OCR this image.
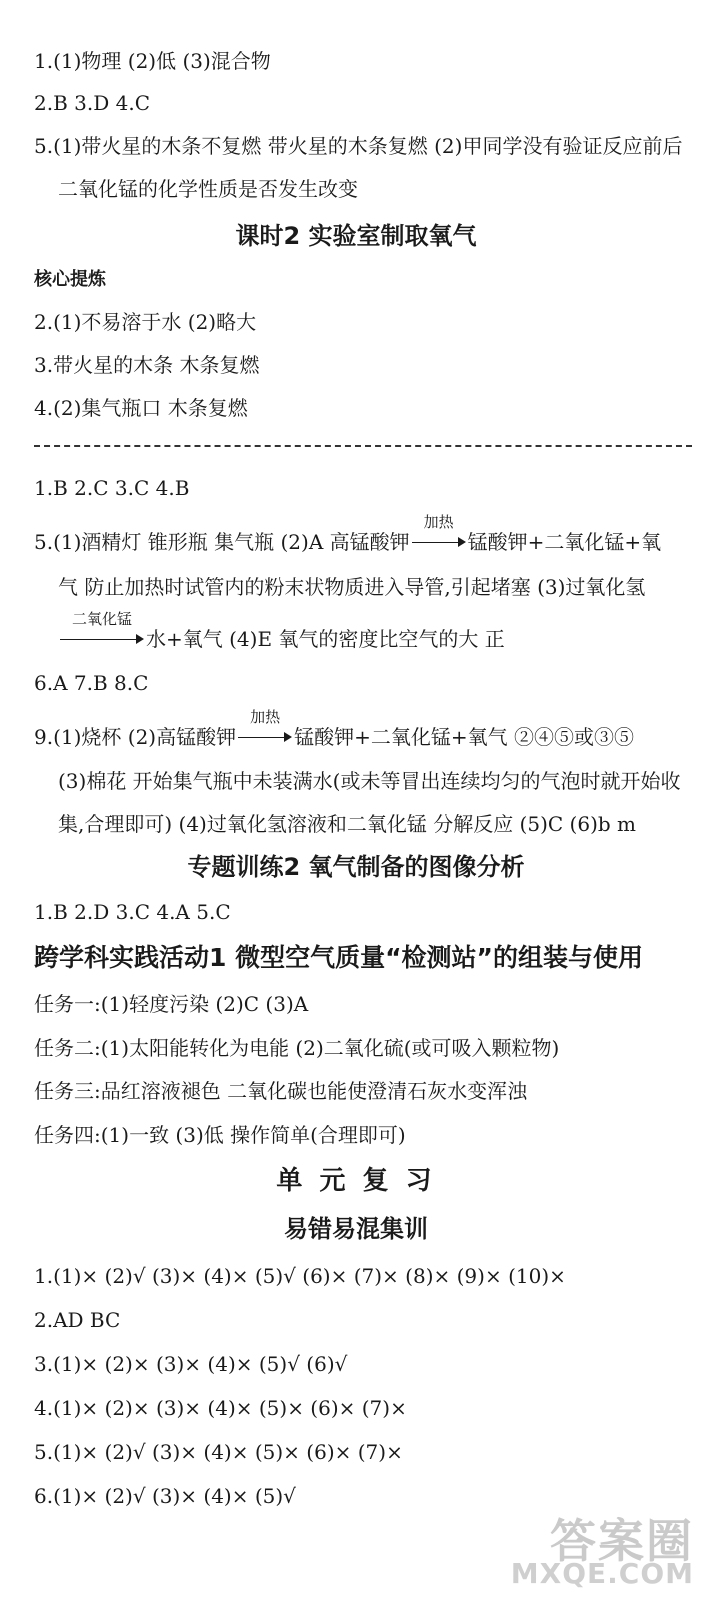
1.(1)物理 (2)低 (3)混合物
2.B 3.D 4.C
5.(1)带火星的木条不复燃 带火星的木条复燃 (2)甲同学没有验证反应前后
二氧化锰的化学性质是否发生改变
课时2 实验室制取氧气
核心提炼
2.(1)不易溶于水 (2)略大
3.带火星的木条 木条复燃
4.(2)集气瓶口 木条复燃
1.B 2.C 3.C 4.B
5.(1)酒精灯 锥形瓶 集气瓶 (2)A 高锰酸钾
加热
锰酸钾+二氧化锰+氧
气 防止加热时试管内的粉末状物质进入导管,引起堵塞 (3)过氧化氢
二氧化锰
水+氧气 (4)E 氧气的密度比空气的大 正
6.A 7.B 8.C
9.(1)烧杯 (2)高锰酸钾
加热
锰酸钾+二氧化锰+氧气 ②④⑤或③⑤
(3)棉花 开始集气瓶中未装满水(或未等冒出连续均匀的气泡时就开始收
集,合理即可) (4)过氧化氢溶液和二氧化锰 分解反应 (5)C (6)b m
专题训练2 氧气制备的图像分析
1.B 2.D 3.C 4.A 5.C
跨学科实践活动1 微型空气质量“检测站”的组装与使用
任务一:(1)轻度污染 (2)C (3)A
任务二:(1)太阳能转化为电能 (2)二氧化硫(或可吸入颗粒物)
任务三:品红溶液褪色 二氧化碳也能使澄清石灰水变浑浊
任务四:(1)一致 (3)低 操作简单(合理即可)
单 元 复 习
易错易混集训
1.(1)× (2)√ (3)× (4)× (5)√ (6)× (7)× (8)× (9)× (10)×
2.AD BC
3.(1)× (2)× (3)× (4)× (5)√ (6)√
4.(1)× (2)× (3)× (4)× (5)× (6)× (7)×
5.(1)× (2)√ (3)× (4)× (5)× (6)× (7)×
6.(1)× (2)√ (3)× (4)× (5)√
答案圈
MXQE.COM
